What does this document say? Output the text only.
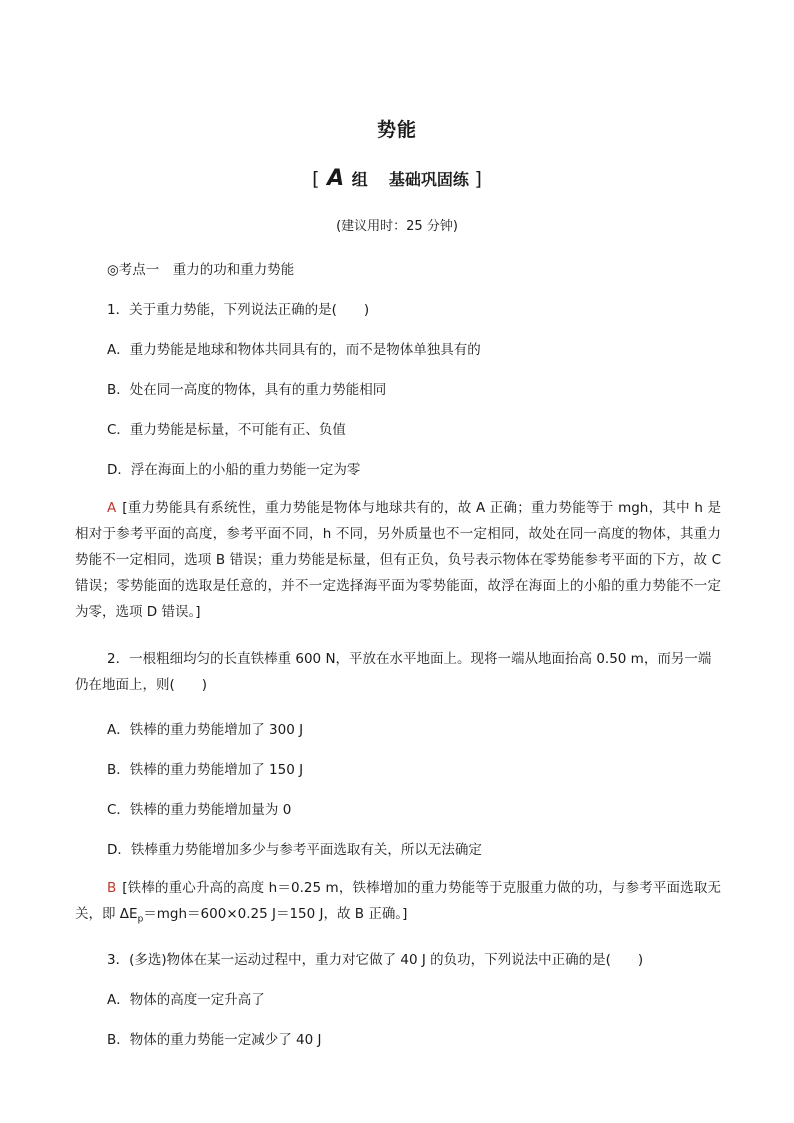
势能
[ A 组 基础巩固练 ]
(建议用时：25 分钟)
◎考点一　重力的功和重力势能
1．关于重力势能，下列说法正确的是(　　)
A．重力势能是地球和物体共同具有的，而不是物体单独具有的
B．处在同一高度的物体，具有的重力势能相同
C．重力势能是标量，不可能有正、负值
D．浮在海面上的小船的重力势能一定为零
A [重力势能具有系统性，重力势能是物体与地球共有的，故 A 正确；重力势能等于 mgh，其中 h 是相对于参考平面的高度，参考平面不同，h 不同，另外质量也不一定相同，故处在同一高度的物体，其重力势能不一定相同，选项 B 错误；重力势能是标量，但有正负，负号表示物体在零势能参考平面的下方，故 C 错误；零势能面的选取是任意的，并不一定选择海平面为零势能面，故浮在海面上的小船的重力势能不一定为零，选项 D 错误。]
2．一根粗细均匀的长直铁棒重 600 N，平放在水平地面上。现将一端从地面抬高 0.50 m，而另一端仍在地面上，则(　　)
A．铁棒的重力势能增加了 300 J
B．铁棒的重力势能增加了 150 J
C．铁棒的重力势能增加量为 0
D．铁棒重力势能增加多少与参考平面选取有关，所以无法确定
B [铁棒的重心升高的高度 h＝0.25 m，铁棒增加的重力势能等于克服重力做的功，与参考平面选取无关，即 $\Delta E_p=mgh=600\times 0.25$ J＝150 J，故 B 正确。]
3．(多选)物体在某一运动过程中，重力对它做了 40 J 的负功，下列说法中正确的是(　　)
A．物体的高度一定升高了
B．物体的重力势能一定减少了 40 J
